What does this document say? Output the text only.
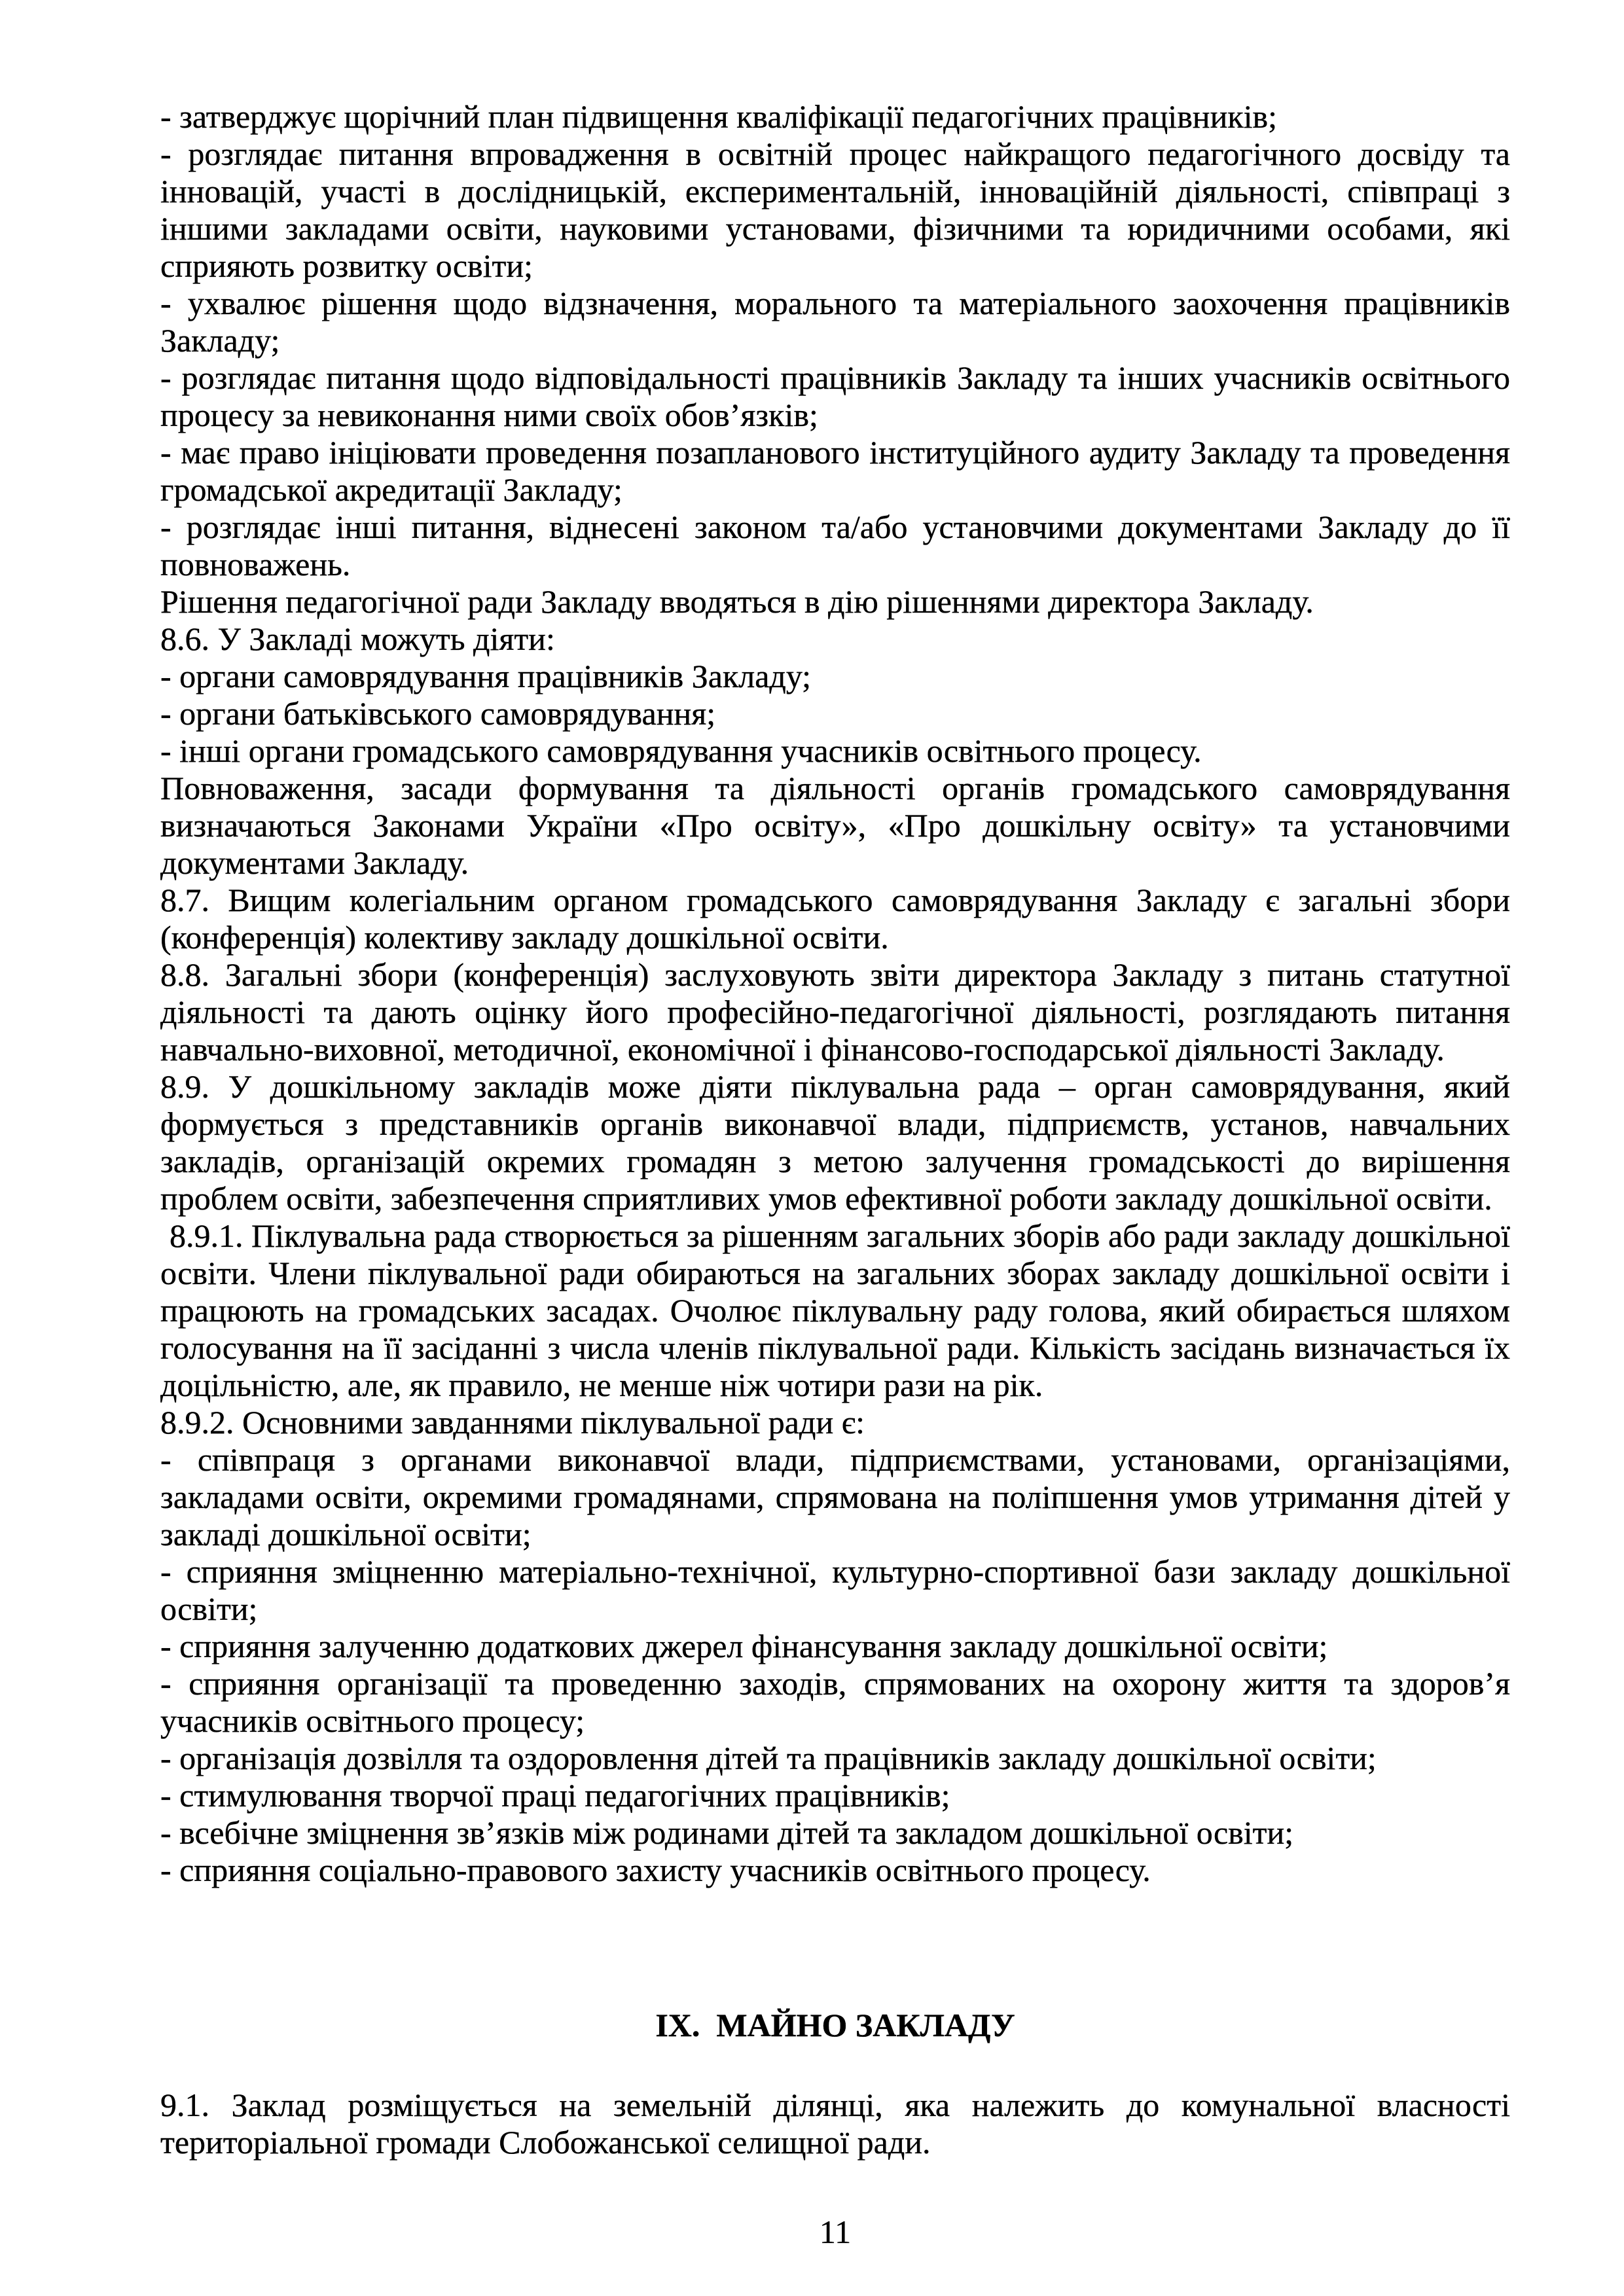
- затверджує щорічний план підвищення кваліфікації педагогічних працівників;

- розглядає питання впровадження в освітній процес найкращого педагогічного досвіду та інновацій, участі в дослідницькій, експериментальній, інноваційній діяльності, співпраці з іншими закладами освіти, науковими установами, фізичними та юридичними особами, які сприяють розвитку освіти;

- ухвалює рішення щодо відзначення, морального та матеріального заохочення працівників Закладу;

- розглядає питання щодо відповідальності працівників Закладу та інших учасників освітнього процесу за невиконання ними своїх обов’язків;

- має право ініціювати проведення позапланового інституційного аудиту Закладу та проведення громадської акредитації Закладу;

- розглядає інші питання, віднесені законом та/або установчими документами Закладу до її повноважень.

Рішення педагогічної ради Закладу вводяться в дію рішеннями директора Закладу.

8.6. У Закладі можуть діяти:

- органи самоврядування працівників Закладу;

- органи батьківського самоврядування;

- інші органи громадського самоврядування учасників освітнього процесу.

Повноваження, засади формування та діяльності органів громадського самоврядування визначаються Законами України «Про освіту», «Про дошкільну освіту» та установчими документами Закладу.

8.7. Вищим колегіальним органом громадського самоврядування Закладу є загальні збори (конференція) колективу закладу дошкільної освіти.

8.8. Загальні збори (конференція) заслуховують звіти директора Закладу з питань статутної діяльності та дають оцінку його професійно-педагогічної діяльності, розглядають питання навчально-виховної, методичної, економічної і фінансово-господарської діяльності Закладу.

8.9. У дошкільному закладів може діяти піклувальна рада – орган самоврядування, який формується з представників органів виконавчої влади, підприємств, установ, навчальних закладів, організацій окремих громадян з метою залучення громадськості до вирішення проблем освіти, забезпечення сприятливих умов ефективної роботи закладу дошкільної освіти.

8.9.1. Піклувальна рада створюється за рішенням загальних зборів або ради закладу дошкільної освіти. Члени піклувальної ради обираються на загальних зборах закладу дошкільної освіти і працюють на громадських засадах. Очолює піклувальну раду голова, який обирається шляхом голосування на її засіданні з числа членів піклувальної ради. Кількість засідань визначається їх доцільністю, але, як правило, не менше ніж чотири рази на рік.

8.9.2. Основними завданнями піклувальної ради є:

- співпраця з органами виконавчої влади, підприємствами, установами, організаціями, закладами освіти, окремими громадянами, спрямована на поліпшення умов утримання дітей у закладі дошкільної освіти;

- сприяння зміцненню матеріально-технічної, культурно-спортивної бази закладу дошкільної освіти;

- сприяння залученню додаткових джерел фінансування закладу дошкільної освіти;

- сприяння організації та проведенню заходів, спрямованих на охорону життя та здоров’я учасників освітнього процесу;

- організація дозвілля та оздоровлення дітей та працівників закладу дошкільної освіти;

- стимулювання творчої праці педагогічних працівників;

- всебічне зміцнення зв’язків між родинами дітей та закладом дошкільної освіти;

- сприяння соціально-правового захисту учасників освітнього процесу.

IX.  МАЙНО ЗАКЛАДУ

9.1. Заклад розміщується на земельній ділянці, яка належить до комунальної власності територіальної громади Слобожанської селищної ради.

11
